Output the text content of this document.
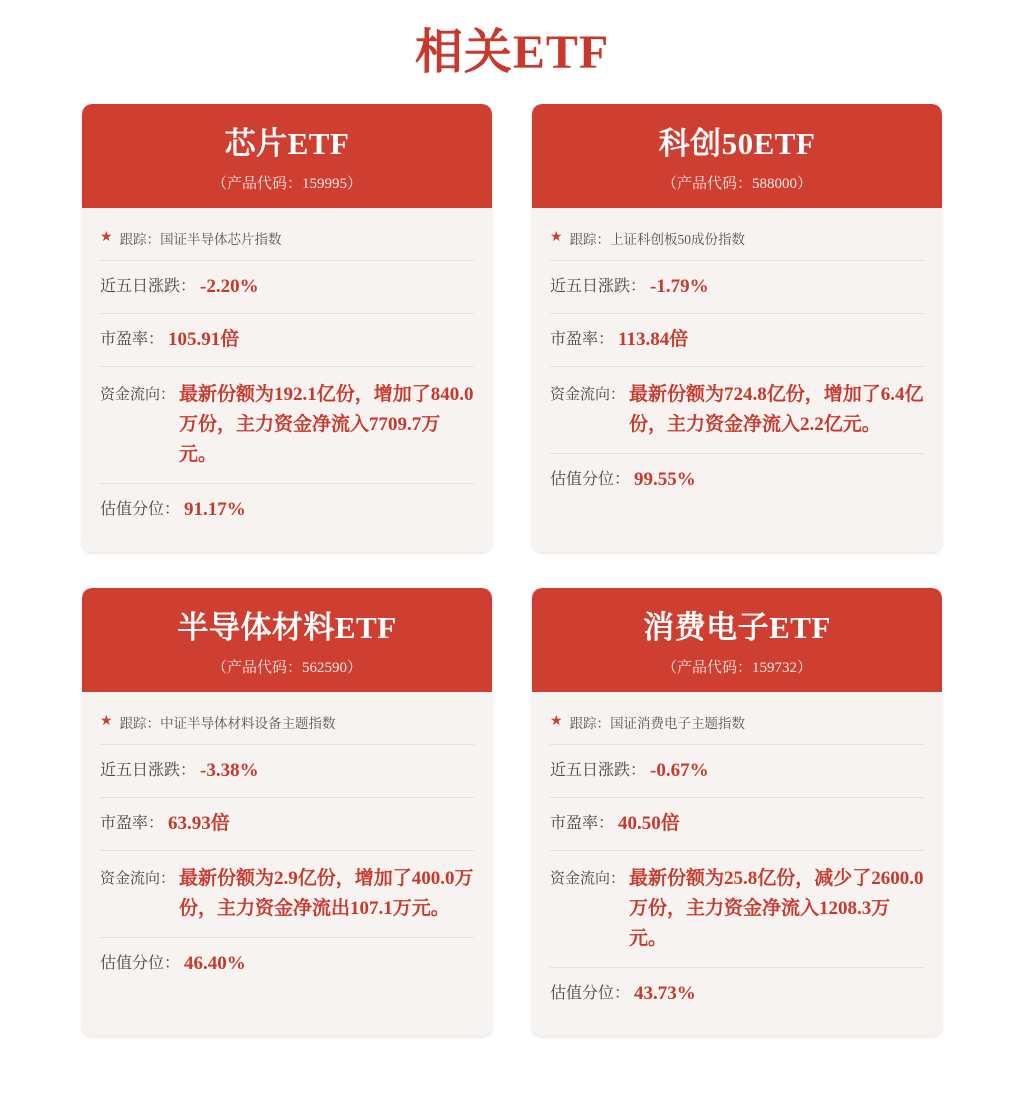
相关ETF
芯片ETF
（产品代码：159995）
★ 跟踪： 国证半导体芯片指数
近五日涨跌： -2.20%
市盈率： 105.91倍
资金流向： 最新份额为192.1亿份，增加了840.0万份，主力资金净流入7709.7万元。
估值分位： 91.17%
科创50ETF
（产品代码：588000）
★ 跟踪： 上证科创板50成份指数
近五日涨跌： -1.79%
市盈率： 113.84倍
资金流向： 最新份额为724.8亿份，增加了6.4亿份，主力资金净流入2.2亿元。
估值分位： 99.55%
半导体材料ETF
（产品代码：562590）
★ 跟踪： 中证半导体材料设备主题指数
近五日涨跌： -3.38%
市盈率： 63.93倍
资金流向： 最新份额为2.9亿份，增加了400.0万份，主力资金净流出107.1万元。
估值分位： 46.40%
消费电子ETF
（产品代码：159732）
★ 跟踪： 国证消费电子主题指数
近五日涨跌： -0.67%
市盈率： 40.50倍
资金流向： 最新份额为25.8亿份，减少了2600.0万份，主力资金净流入1208.3万元。
估值分位： 43.73%
